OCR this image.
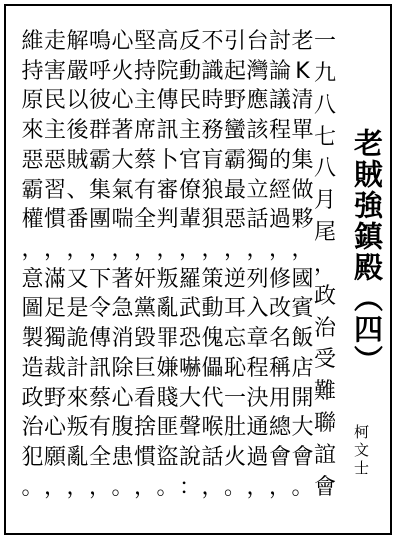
老賊強鎮殿（四）
柯文士
一
九
八
七
八
月
尾
，
政
治
受
難
聯
誼
會
老
K
清
單
集
做
夥
，
國
賓
飯
店
開
大
會
。
討
論
議
程
的
經
過
，
修
改
名
稱
用
總
會
，
台
灣
應
該
獨
立
話
，
列
入
章
程
決
通
過
，
引
起
野
蠻
霸
最
惡
，
逆
耳
忘
恥
一
肚
火
。
不
識
時
務
肓
狼
狽
，
策
動
傀
儡
代
喉
話
，
反
動
民
主
官
僚
輩
，
羅
武
恐
嚇
大
聲
說
：
高
院
傳
訊
卜
審
判
，
叛
亂
罪
嫌
賤
匪
盜
。
堅
持
主
席
蔡
有
全
，
奸
黨
毀
巨
看
捨
慣
，
心
火
心
著
大
氣
喘
，
著
急
消
除
心
腹
患
。
鳴
呼
彼
群
霸
集
團
，
下
令
傳
訊
蔡
有
全
，
解
嚴
以
後
賊
、
番
，
又
是
詭
計
來
叛
亂
，
走
害
民
主
惡
習
慣
，
滿
足
獨
裁
野
心
願
，
維
持
原
來
惡
霸
權
，
意
圖
製
造
政
治
犯
。
